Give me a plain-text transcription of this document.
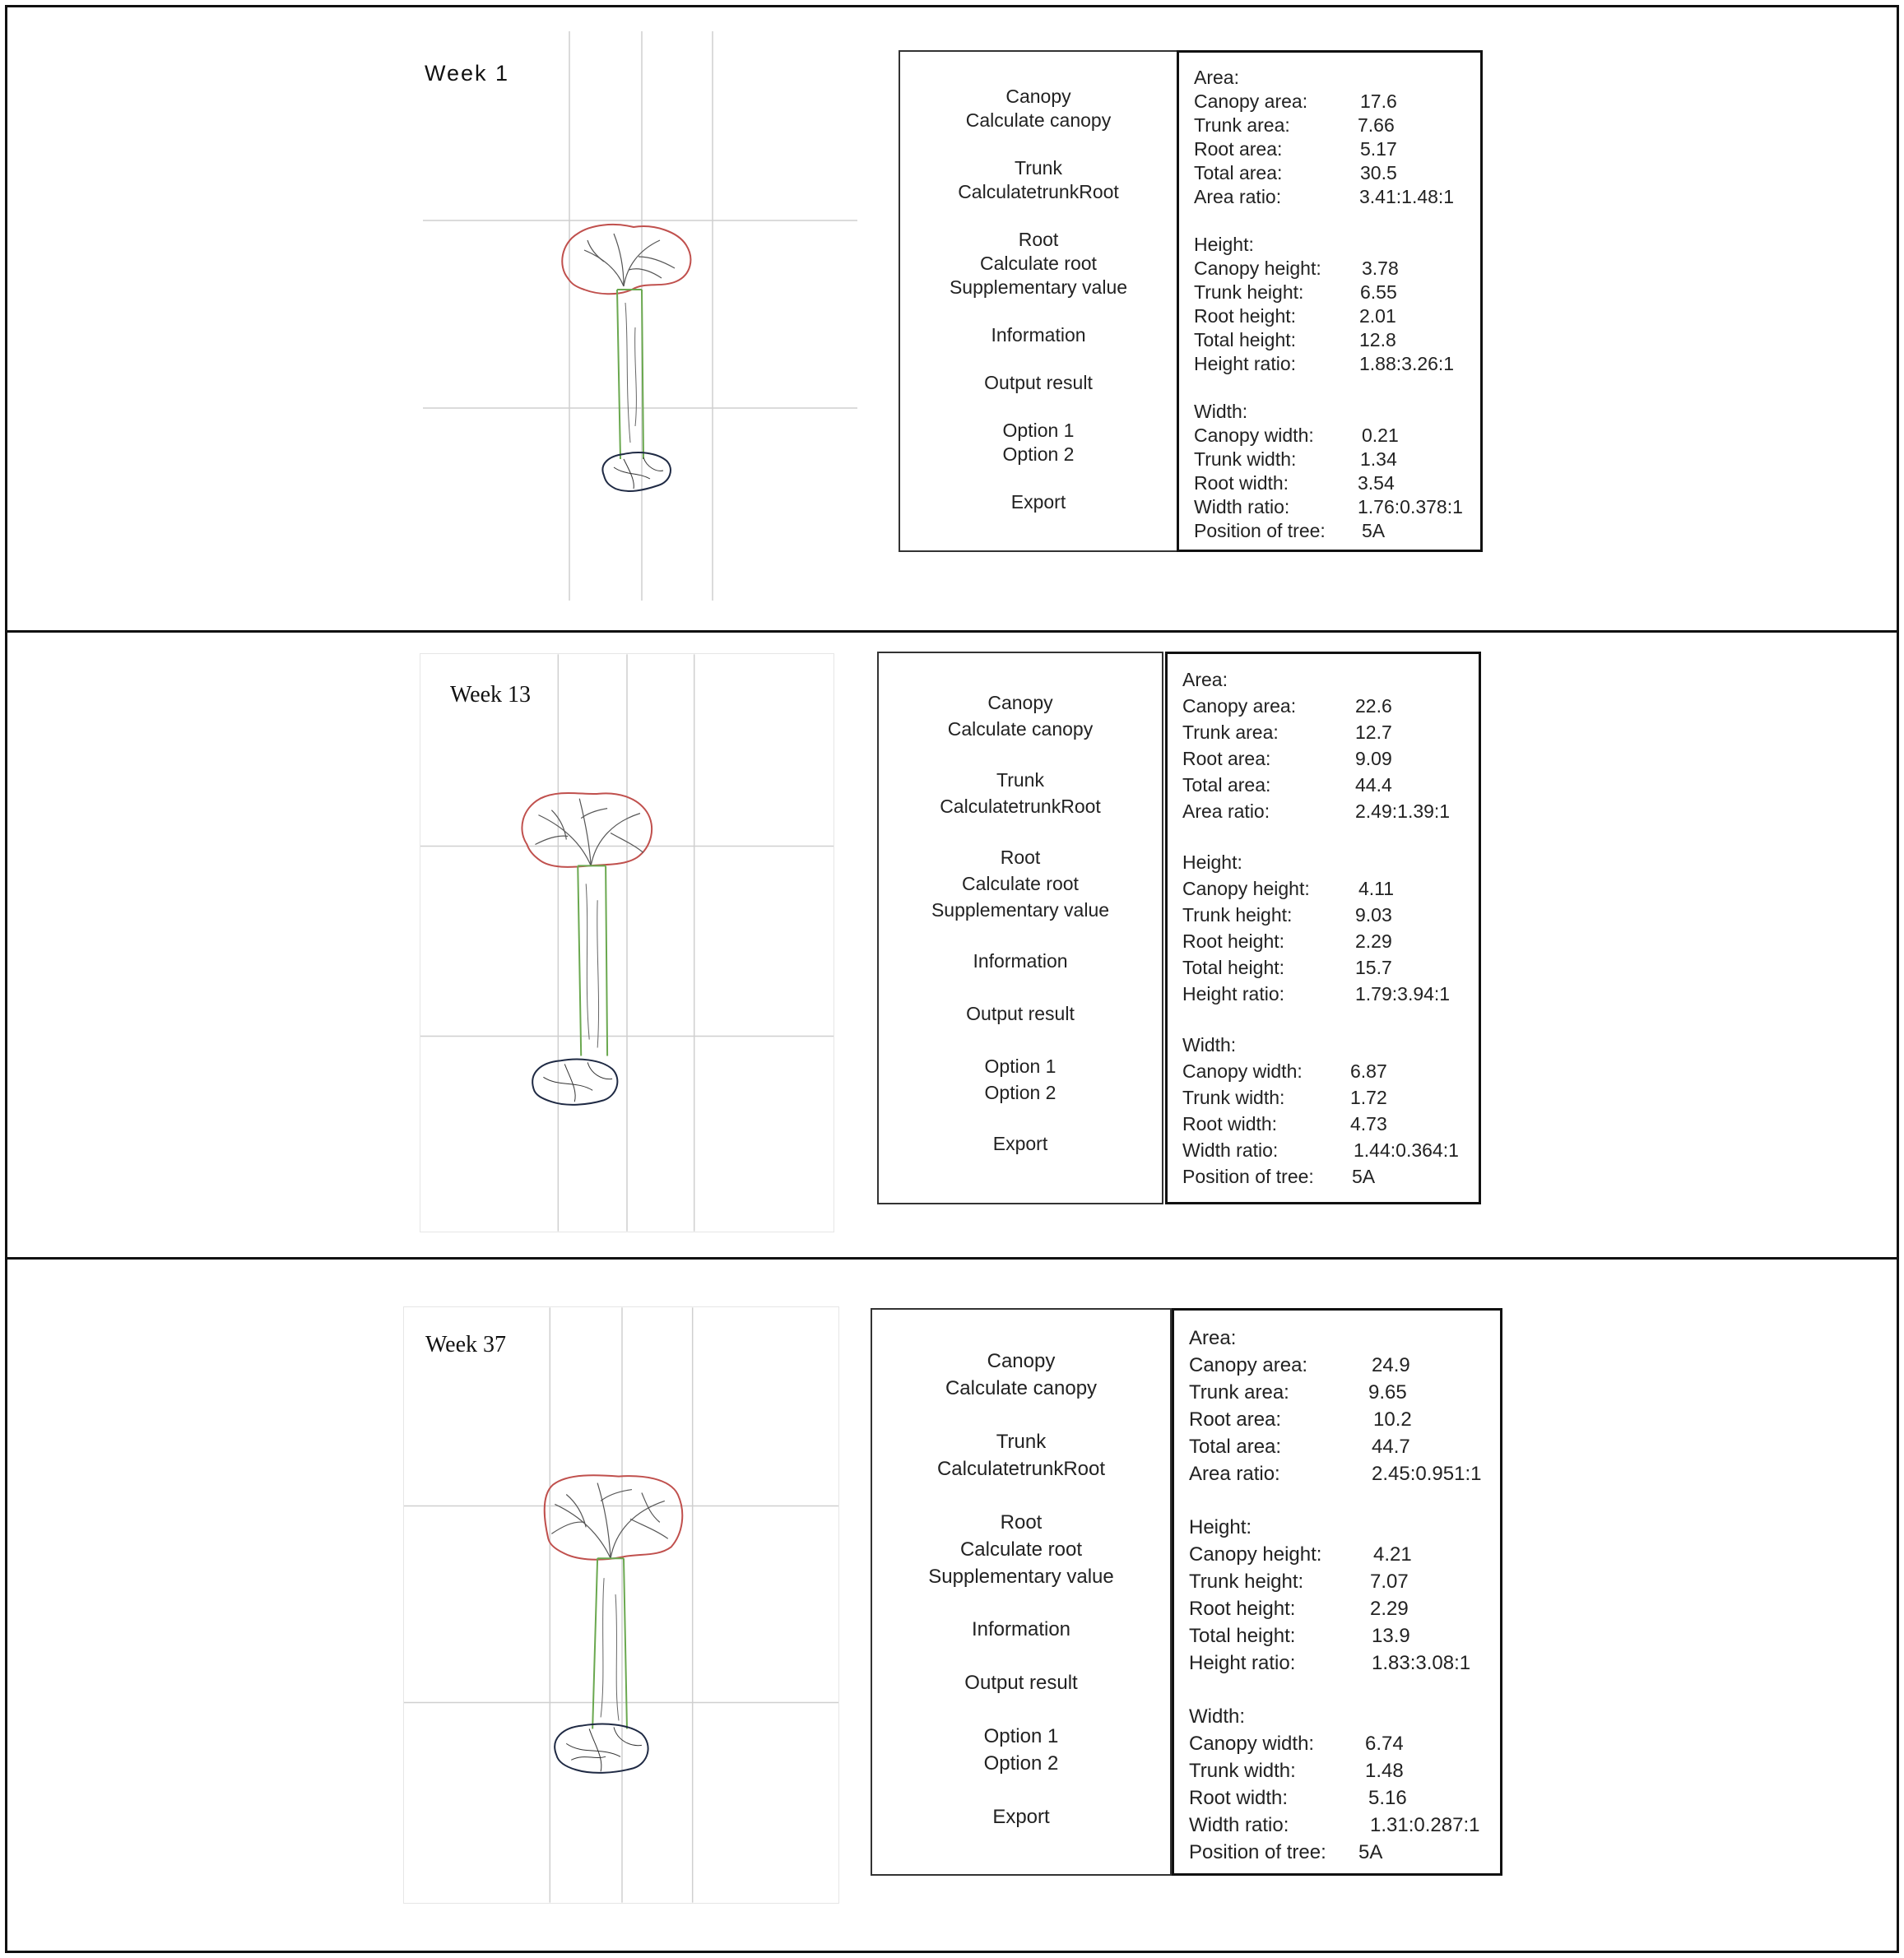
Week 1
Canopy
Calculate canopy
Trunk
CalculatetrunkRoot
Root
Calculate root
Supplementary value
Information
Output result
Option 1
Option 2
Export
Area:
Canopy area:	17.6
Trunk area:	7.66
Root area:	5.17
Total area:	30.5
Area ratio:	3.41:1.48:1
Height:
Canopy height: 3.78
Trunk height:	6.55
Root height:	2.01
Total height:	12.8
Height ratio:	1.88:3.26:1
Width:
Canopy width:	0.21
Trunk width:	1.34
Root width:	3.54
Width ratio:	1.76:0.378:1
Position of tree: 5A
Week 13	Canopy
Calculate canopy
Trunk
CalculatetrunkRoot
Root
Calculate root
Supplementary value
Information
Output result
Option 1
Option 2
Export
Area:
Canopy area:	22.6
Trunk area:	12.7
Root area:	9.09
Total area:	44.4
Area ratio:	2.49:1.39:1
Height:
Canopy height:	4.11
Trunk height:	9.03
Root height:	2.29
Total height:	15.7
Height ratio:	1.79:3.94:1
Width:
Canopy width:	6.87
Trunk width:	1.72
Root width:	4.73
Width ratio:	1.44:0.364:1
Position of tree: 5A
Week 37
Canopy
Calculate canopy
Trunk
CalculatetrunkRoot
Root
Calculate root
Supplementary value
Information
Output result
Option 1
Option 2
Export
Area:
Canopy area:	24.9
Trunk area:	9.65
Root area:	10.2
Total area:	44.7
Area ratio:	2.45:0.951:1
Height:
Canopy height:	4.21
Trunk height:	7.07
Root height:	2.29
Total height:	13.9
Height ratio:	1.83:3.08:1
Width:
Canopy width:	6.74
Trunk width:	1.48
Root width:	5.16
Width ratio:	1.31:0.287:1
Position of tree: 5A
